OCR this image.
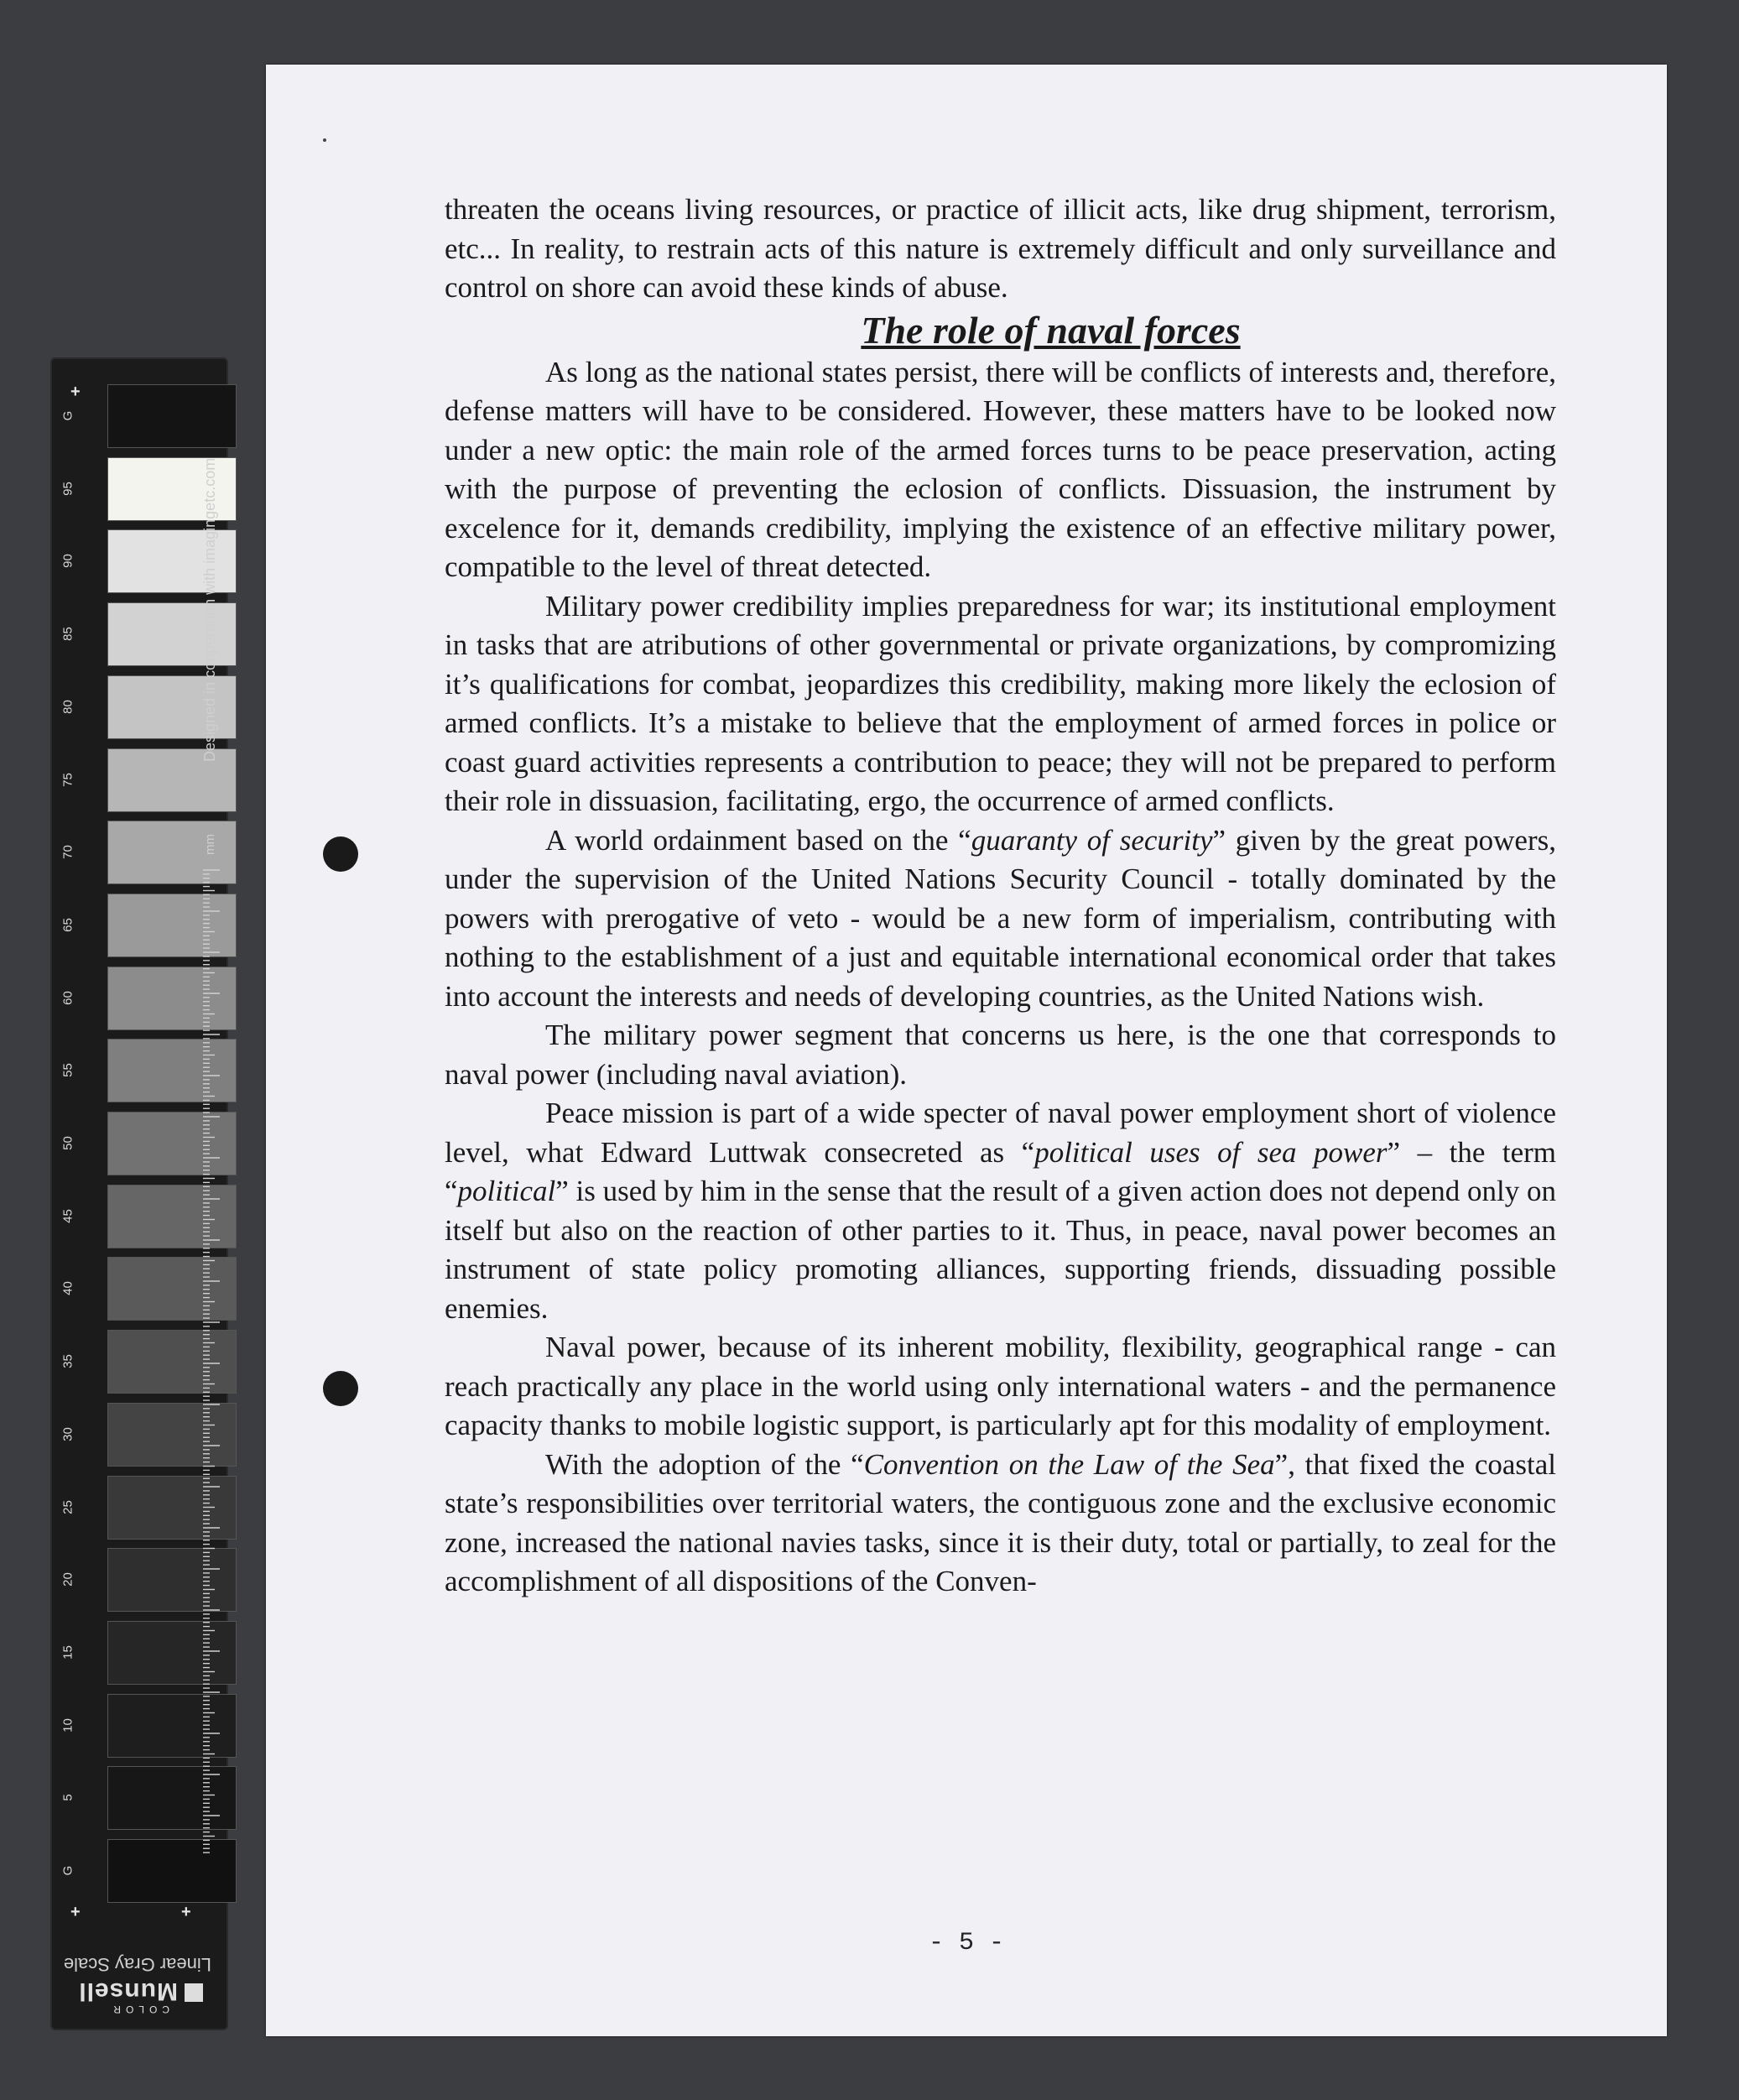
+
+	+
G
95
90
85
80
75
70
65
60
55
50
45
40
35
30
25
20
15
10
5
G
Designed in cooperation with imagingetc.com
mm
Linear Gray Scale
COLOR
Munsell

threaten the oceans living resources, or practice of illicit acts, like drug shipment, terrorism, etc... In reality, to restrain acts of this nature is extremely difficult and only surveillance and control on shore can avoid these kinds of abuse.

The role of naval forces

As long as the national states persist, there will be conflicts of interests and, therefore, defense matters will have to be considered. However, these matters have to be looked now under a new optic: the main role of the armed forces turns to be peace preservation, acting with the purpose of preventing the eclosion of conflicts. Dissuasion, the instrument by excelence for it, demands credibility, implying the existence of an effective military power, compatible to the level of threat detected.

Military power credibility implies preparedness for war; its institutional employment in tasks that are atributions of other governmental or private organizations, by compromizing it’s qualifications for combat, jeopardizes this credibility, making more likely the eclosion of armed conflicts. It’s a mistake to believe that the employment of armed forces in police or coast guard activities represents a contribution to peace; they will not be prepared to perform their role in dissuasion, facilitating, ergo, the occurrence of armed conflicts.

A world ordainment based on the “guaranty of security” given by the great powers, under the supervision of the United Nations Security Council - totally dominated by the powers with prerogative of veto - would be a new form of imperialism, contributing with nothing to the establishment of a just and equitable international economical order that takes into account the interests and needs of developing countries, as the United Nations wish.

The military power segment that concerns us here, is the one that corresponds to naval power (including naval aviation).

Peace mission is part of a wide specter of naval power employment short of violence level, what Edward Luttwak consecreted as “political uses of sea power” – the term “political” is used by him in the sense that the result of a given action does not depend only on itself but also on the reaction of other parties to it. Thus, in peace, naval power becomes an instrument of state policy promoting alliances, supporting friends, dissuading possible enemies.

Naval power, because of its inherent mobility, flexibility, geographical range - can reach practically any place in the world using only international waters - and the permanence capacity thanks to mobile logistic support, is particularly apt for this modality of employment.

With the adoption of the “Convention on the Law of the Sea”, that fixed the coastal state’s responsibilities over territorial waters, the contiguous zone and the exclusive economic zone, increased the national navies tasks, since it is their duty, total or partially, to zeal for the accomplishment of all dispositions of the Conven-

- 5 -
